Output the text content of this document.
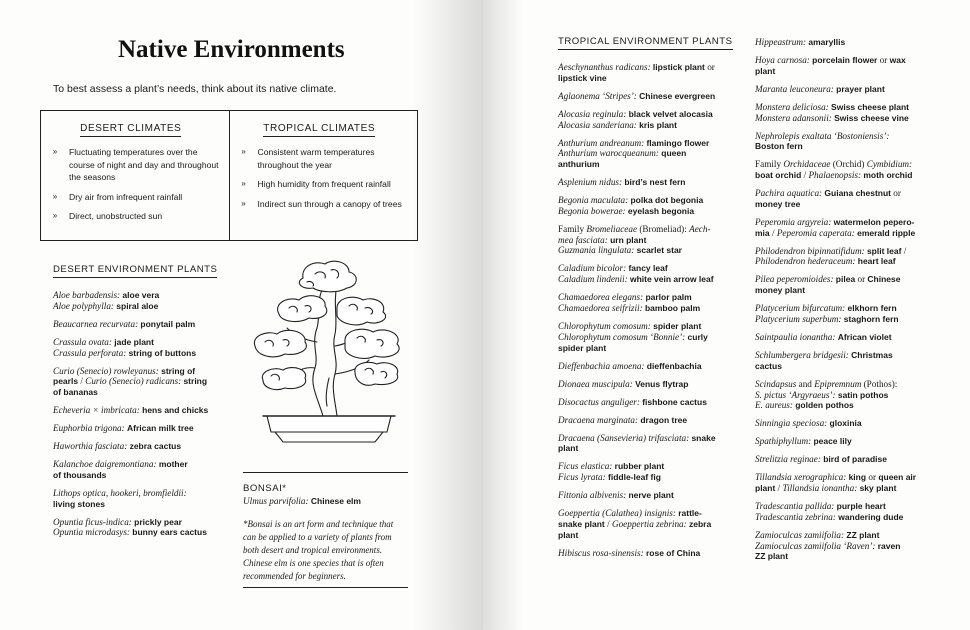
Native Environments
To best assess a plant’s needs, think about its native climate.
DESERT CLIMATES
»	Fluctuating temperatures over the course of night and day and throughout the seasons
»	Dry air from infrequent rainfall
»	Direct, unobstructed sun
TROPICAL CLIMATES
»	Consistent warm temperatures throughout the year
»	High humidity from frequent rainfall
»	Indirect sun through a canopy of trees
DESERT ENVIRONMENT PLANTS
Aloe barbadensis: aloe vera
Aloe polyphylla: spiral aloe
Beaucarnea recurvata: ponytail palm
Crassula ovata: jade plant
Crassula perforata: string of buttons
Curio (Senecio) rowleyanus: string of
pearls / Curio (Senecio) radicans: string
of bananas
Echeveria × imbricata: hens and chicks
Euphorbia trigona: African milk tree
Haworthia fasciata: zebra cactus
Kalanchoe daigremontiana: mother
of thousands
Lithops optica, hookeri, bromfieldii:
living stones
Opuntia ficus-indica: prickly pear
Opuntia microdasys: bunny ears cactus
BONSAI*
Ulmus parvifolia: Chinese elm
*Bonsai is an art form and technique that can be applied to a variety of plants from both desert and tropical environments. Chinese elm is one species that is often recommended for beginners.
TROPICAL ENVIRONMENT PLANTS
Aeschynanthus radicans: lipstick plant or
lipstick vine
Aglaonema ‘Stripes’: Chinese evergreen
Alocasia reginula: black velvet alocasia
Alocasia sanderiana: kris plant
Anthurium andreanum: flamingo flower
Anthurium warocqueanum: queen
anthurium
Asplenium nidus: bird’s nest fern
Begonia maculata: polka dot begonia
Begonia bowerae: eyelash begonia
Family Bromeliaceae (Bromeliad): Aech-
mea fasciata: urn plant
Guzmania lingulata: scarlet star
Caladium bicolor: fancy leaf
Caladium lindenii: white vein arrow leaf
Chamaedorea elegans: parlor palm
Chamaedorea seifrizii: bamboo palm
Chlorophytum comosum: spider plant
Chlorophytum comosum ‘Bonnie’: curly
spider plant
Dieffenbachia amoena: dieffenbachia
Dionaea muscipula: Venus flytrap
Disocactus anguliger: fishbone cactus
Dracaena marginata: dragon tree
Dracaena (Sansevieria) trifasciata: snake
plant
Ficus elastica: rubber plant
Ficus lyrata: fiddle-leaf fig
Fittonia albivenis: nerve plant
Goeppertia (Calathea) insignis: rattle-
snake plant / Goeppertia zebrina: zebra
plant
Hibiscus rosa-sinensis: rose of China
Hippeastrum: amaryllis
Hoya carnosa: porcelain flower or wax
plant
Maranta leuconeura: prayer plant
Monstera deliciosa: Swiss cheese plant
Monstera adansonii: Swiss cheese vine
Nephrolepis exaltata ‘Bostoniensis’:
Boston fern
Family Orchidaceae (Orchid) Cymbidium:
boat orchid / Phalaenopsis: moth orchid
Pachira aquatica: Guiana chestnut or
money tree
Peperomia argyreia: watermelon pepero-
mia / Peperomia caperata: emerald ripple
Philodendron bipinnatifidum: split leaf /
Philodendron hederaceum: heart leaf
Pilea peperomioides: pilea or Chinese
money plant
Platycerium bifurcatum: elkhorn fern
Platycerium superbum: staghorn fern
Saintpaulia ionantha: African violet
Schlumbergera bridgesii: Christmas
cactus
Scindapsus and Epipremnum (Pothos):
S. pictus ‘Argyraeus’: satin pothos
E. aureus: golden pothos
Sinningia speciosa: gloxinia
Spathiphyllum: peace lily
Strelitzia reginae: bird of paradise
Tillandsia xerographica: king or queen air
plant / Tillandsia ionantha: sky plant
Tradescantia pallida: purple heart
Tradescantia zebrina: wandering dude
Zamioculcas zamiifolia: ZZ plant
Zamioculcas zamiifolia ‘Raven’: raven
ZZ plant
